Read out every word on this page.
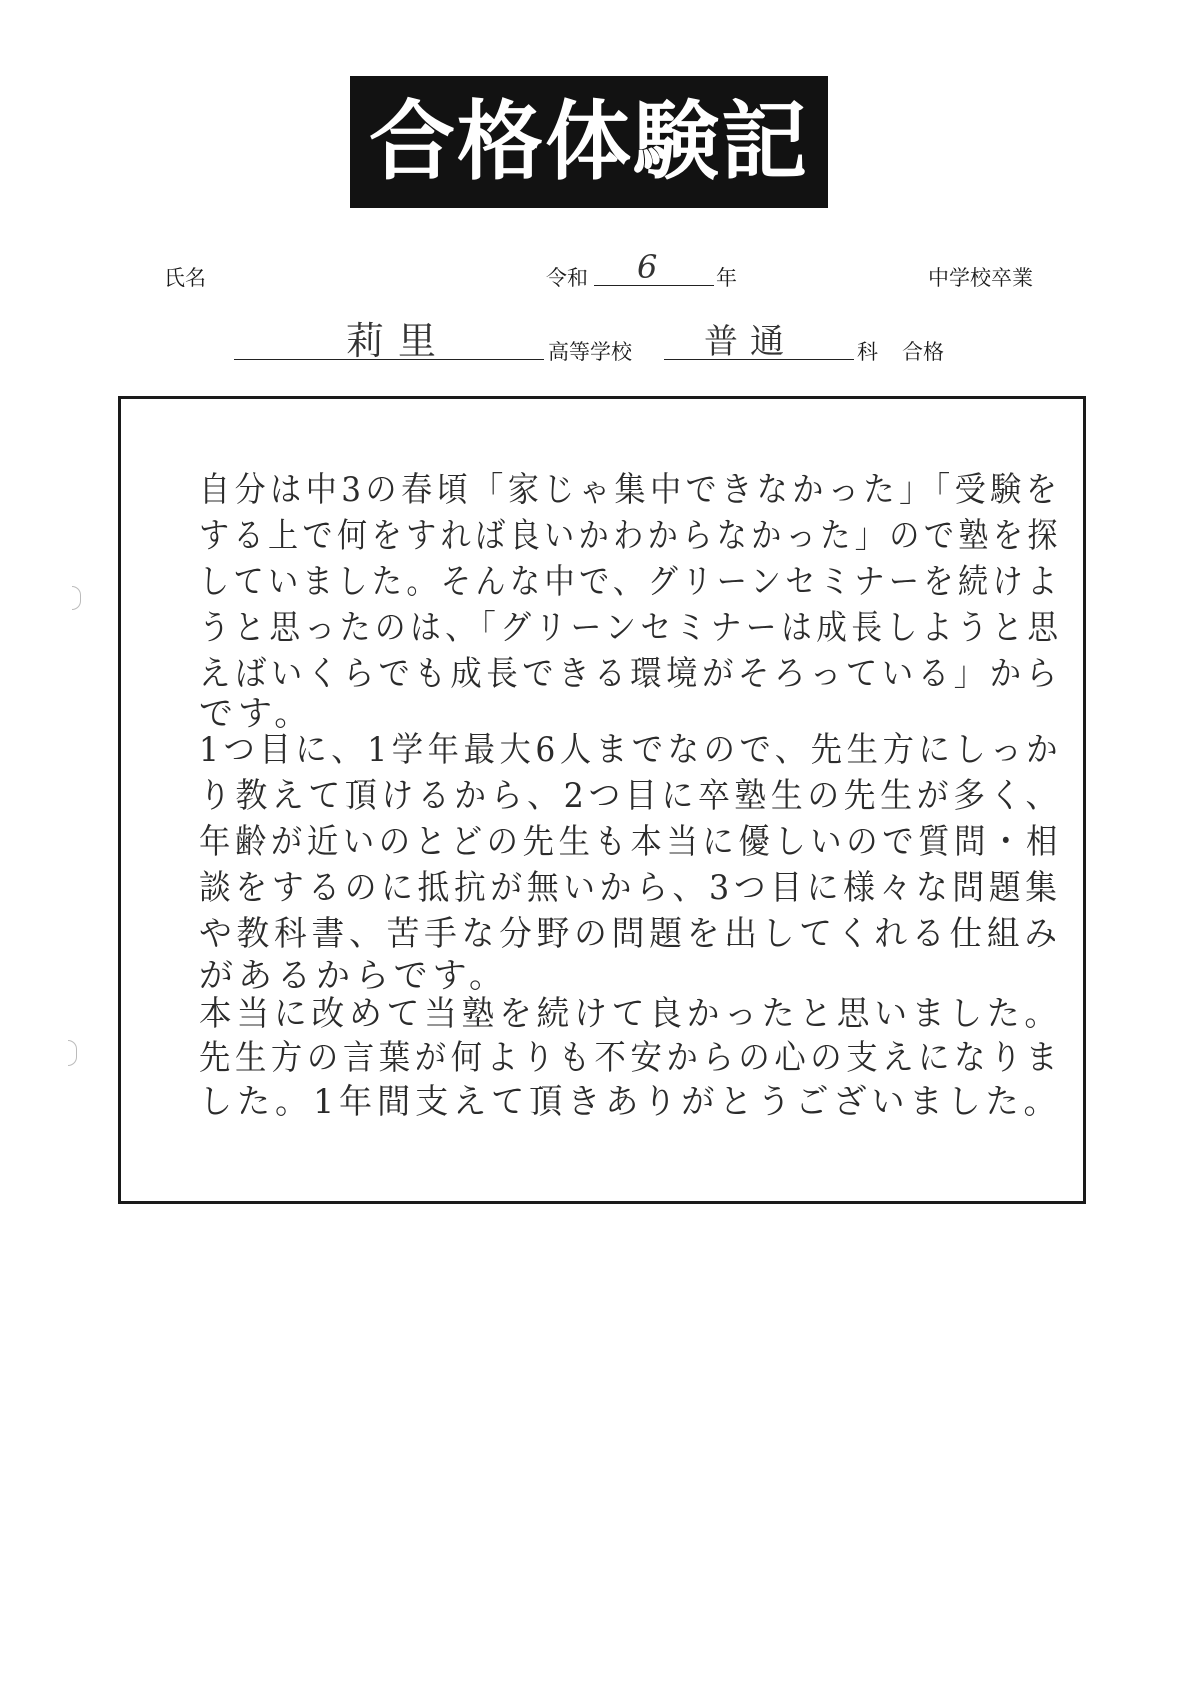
合格体験記
氏名	令和 6	年	中学校卒業
莉里	高等学校 普通	科 合格
自分は中3の春頃「家じゃ集中できなかった」「受験を
する上で何をすれば良いかわからなかった」ので塾を探
していました。そんな中で、グリーンセミナーを続けよ
うと思ったのは、「グリーンセミナーは成長しようと思
えばいくらでも成長できる環境がそろっている」から
です。
1つ目に、1学年最大6人までなので、先生方にしっか
り教えて頂けるから、2つ目に卒塾生の先生が多く、
年齢が近いのとどの先生も本当に優しいので質問・相
談をするのに抵抗が無いから、3つ目に様々な問題集
や教科書、苦手な分野の問題を出してくれる仕組み
があるからです。
本当に改めて当塾を続けて良かったと思いました。
先生方の言葉が何よりも不安からの心の支えになりま
した。1年間支えて頂きありがとうございました。
